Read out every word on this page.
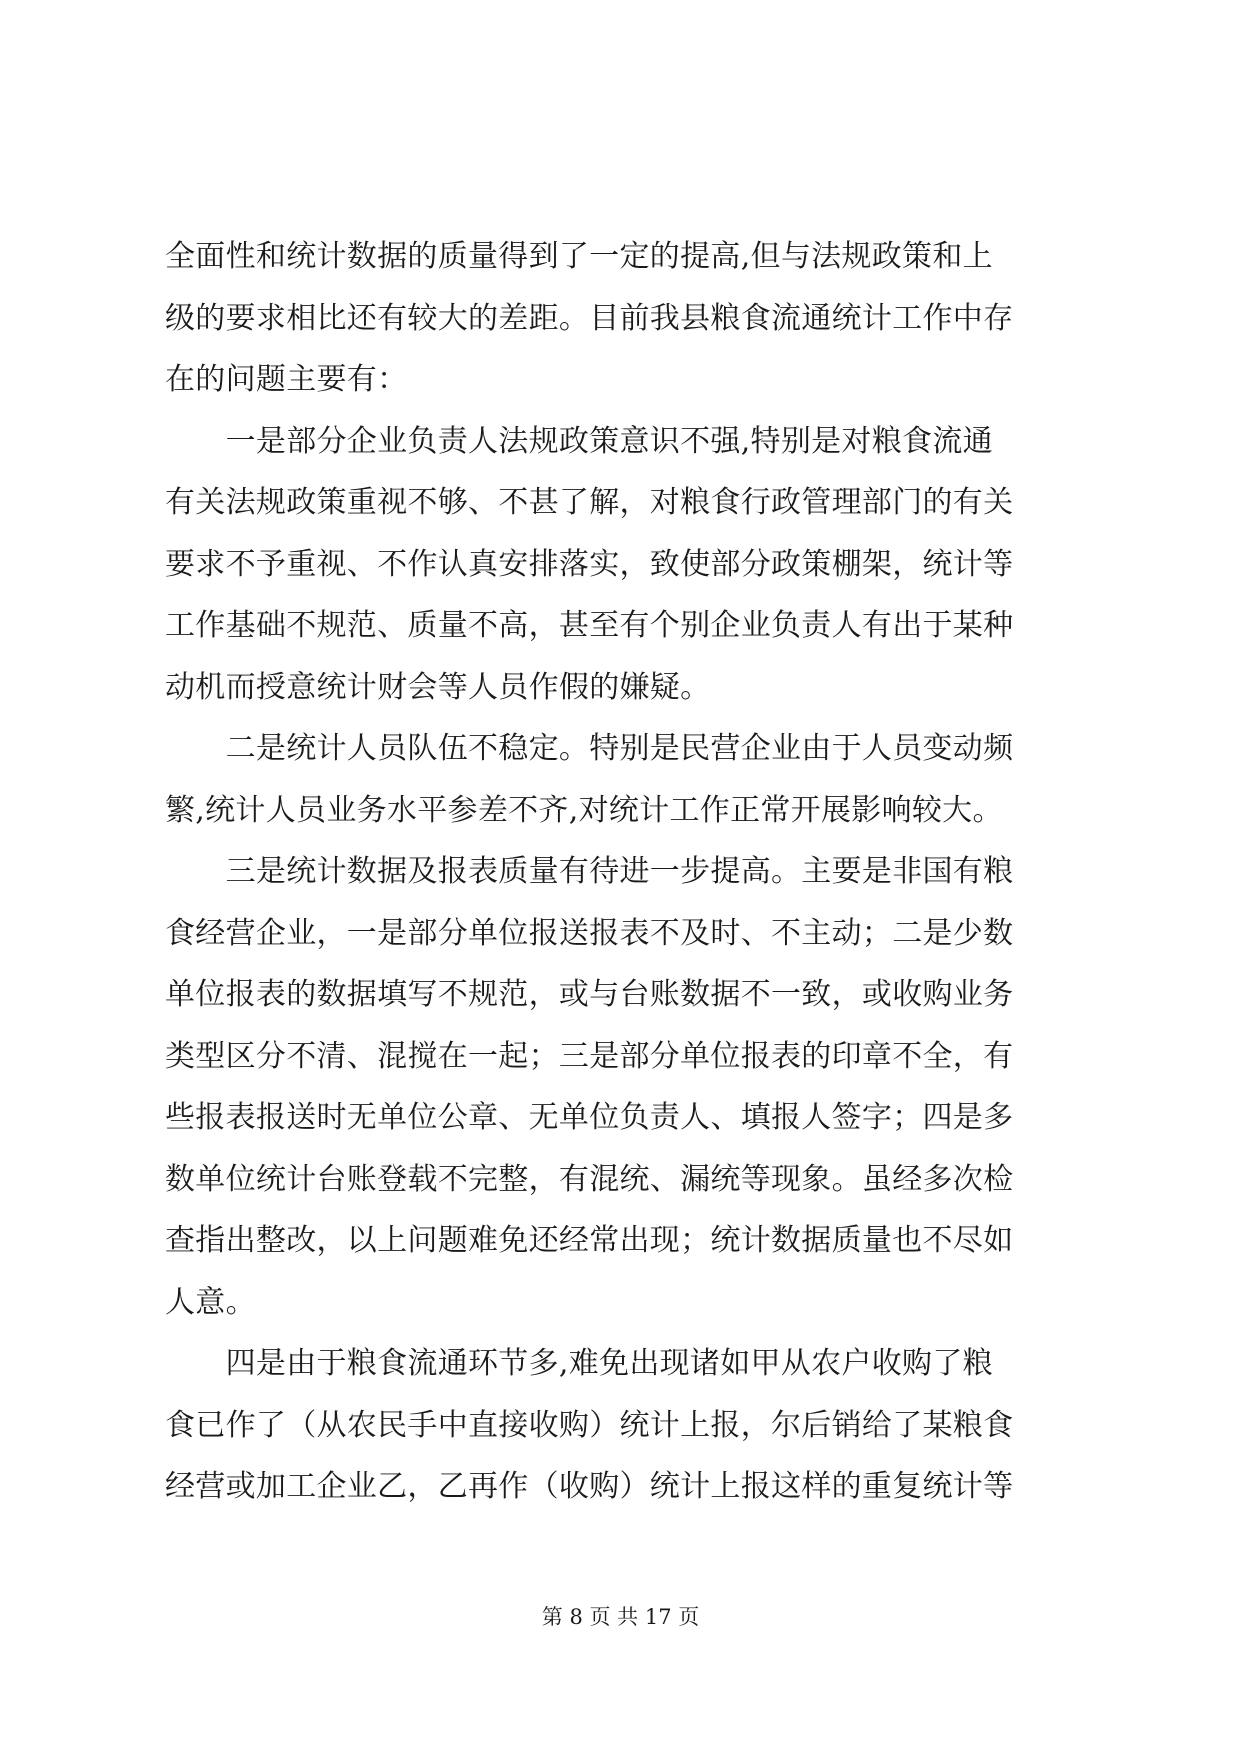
全面性和统计数据的质量得到了一定的提高,但与法规政策和上
级的要求相比还有较大的差距。目前我县粮食流通统计工作中存
在的问题主要有：
　　一是部分企业负责人法规政策意识不强,特别是对粮食流通
有关法规政策重视不够、不甚了解，对粮食行政管理部门的有关
要求不予重视、不作认真安排落实，致使部分政策棚架，统计等
工作基础不规范、质量不高，甚至有个别企业负责人有出于某种
动机而授意统计财会等人员作假的嫌疑。
　　二是统计人员队伍不稳定。特别是民营企业由于人员变动频
繁,统计人员业务水平参差不齐,对统计工作正常开展影响较大。
　　三是统计数据及报表质量有待进一步提高。主要是非国有粮
食经营企业，一是部分单位报送报表不及时、不主动；二是少数
单位报表的数据填写不规范，或与台账数据不一致，或收购业务
类型区分不清、混搅在一起；三是部分单位报表的印章不全，有
些报表报送时无单位公章、无单位负责人、填报人签字；四是多
数单位统计台账登载不完整，有混统、漏统等现象。虽经多次检
查指出整改，以上问题难免还经常出现；统计数据质量也不尽如
人意。
　　四是由于粮食流通环节多,难免出现诸如甲从农户收购了粮
食已作了（从农民手中直接收购）统计上报，尔后销给了某粮食
经营或加工企业乙，乙再作（收购）统计上报这样的重复统计等
第 8 页 共 17 页
